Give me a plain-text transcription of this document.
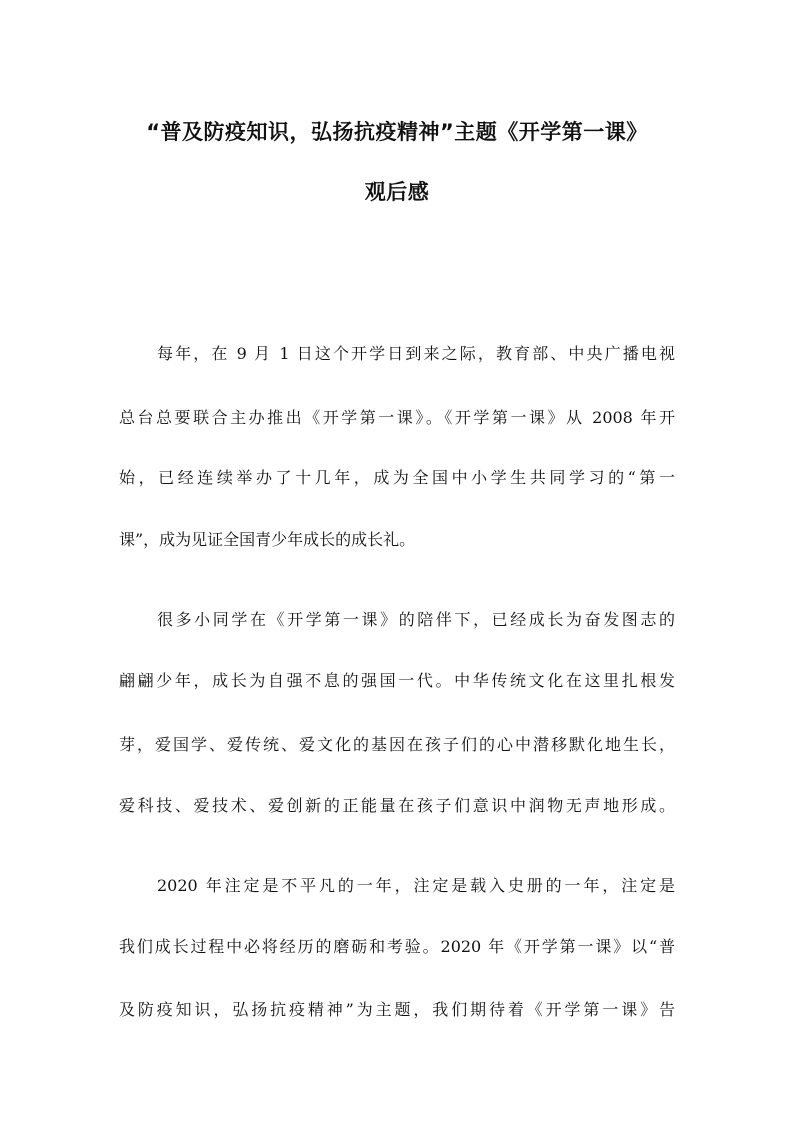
“普及防疫知识，弘扬抗疫精神”主题《开学第一课》
观后感
每年，在 9 月 1 日这个开学日到来之际，教育部、中央广播电视
总台总要联合主办推出《开学第一课》。《开学第一课》从 2008 年开
始，已经连续举办了十几年，成为全国中小学生共同学习的“第一
课”，成为见证全国青少年成长的成长礼。
很多小同学在《开学第一课》的陪伴下，已经成长为奋发图志的
翩翩少年，成长为自强不息的强国一代。中华传统文化在这里扎根发
芽，爱国学、爱传统、爱文化的基因在孩子们的心中潜移默化地生长，
爱科技、爱技术、爱创新的正能量在孩子们意识中润物无声地形成。
2020 年注定是不平凡的一年，注定是载入史册的一年，注定是
我们成长过程中必将经历的磨砺和考验。2020 年《开学第一课》以“普
及防疫知识，弘扬抗疫精神”为主题，我们期待着《开学第一课》告
